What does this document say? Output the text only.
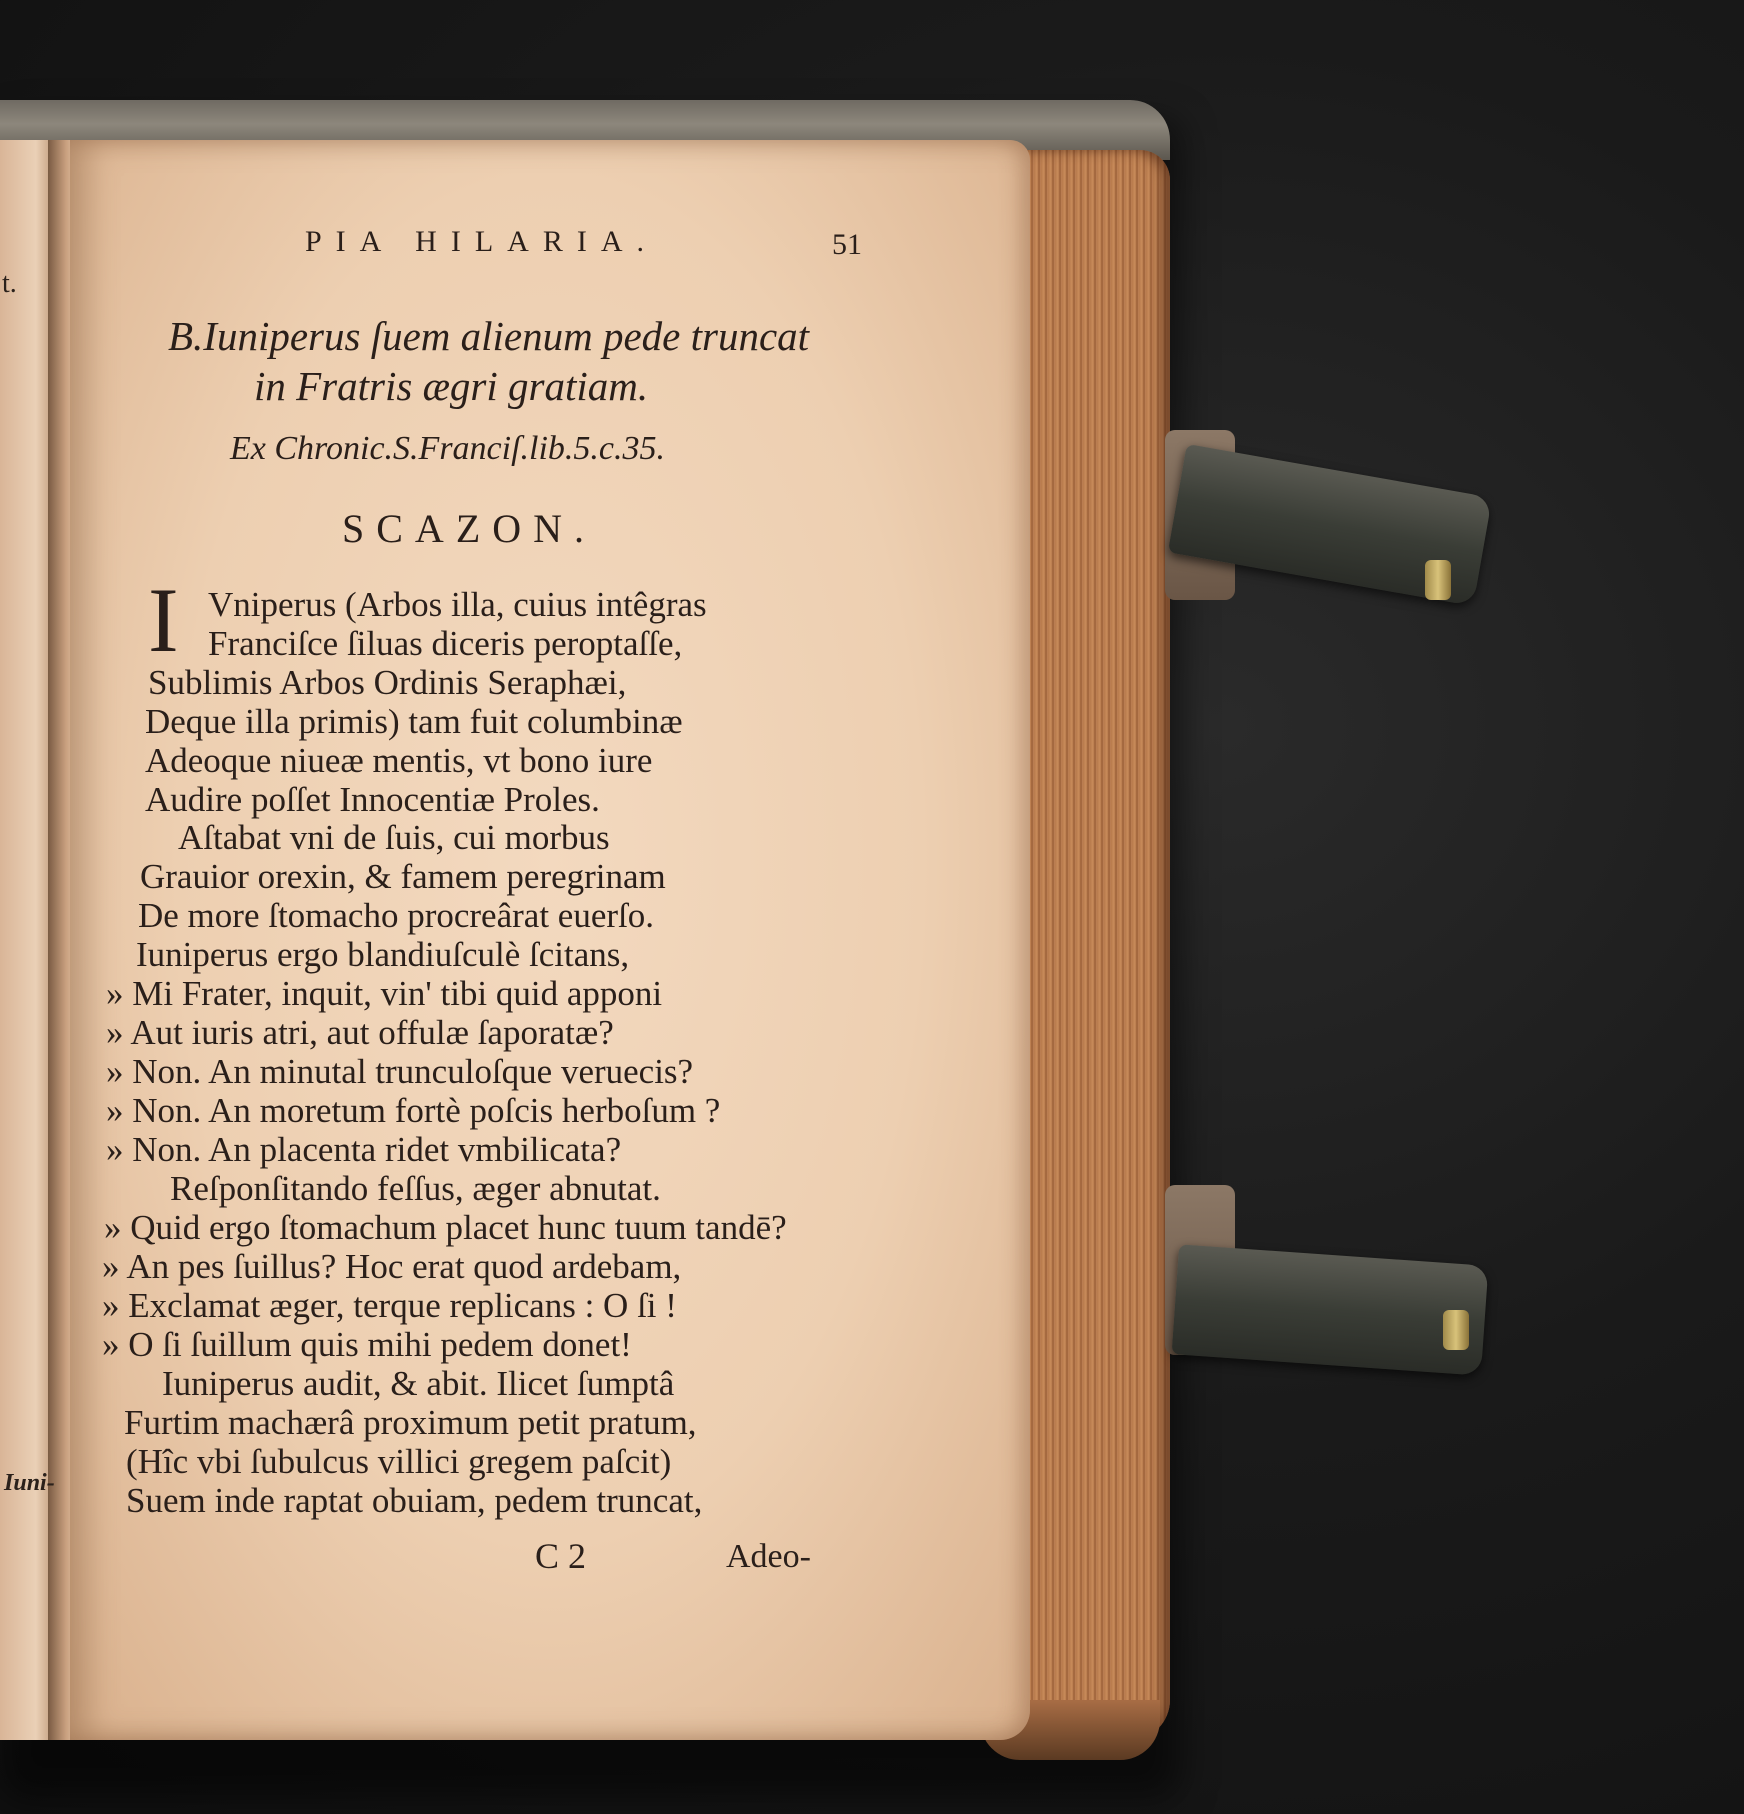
t.
Iuni-
PIA HILARIA.	51
B.Iuniperus ſuem alienum pede truncat
in Fratris ægri gratiam.
Ex Chronic.S.Franciſ.lib.5.c.35.
SCAZON.
I Vniperus (Arbos illa, cuius intêgras
Franciſce ſiluas diceris peroptaſſe,
Sublimis Arbos Ordinis Seraphæi,
Deque illa primis) tam fuit columbinæ
Adeoque niueæ mentis, vt bono iure
Audire poſſet Innocentiæ Proles.
Aſtabat vni de ſuis, cui morbus
Grauior orexin, & famem peregrinam
De more ſtomacho procreârat euerſo.
Iuniperus ergo blandiuſculè ſcitans,
» Mi Frater, inquit, vin' tibi quid apponi
» Aut iuris atri, aut offulæ ſaporatæ?
» Non. An minutal trunculoſque veruecis?
» Non. An moretum fortè poſcis herboſum ?
» Non. An placenta ridet vmbilicata?
Reſponſitando feſſus, æger abnutat.
» Quid ergo ſtomachum placet hunc tuum tandē?
» An pes ſuillus? Hoc erat quod ardebam,
» Exclamat æger, terque replicans : O ſi !
» O ſi ſuillum quis mihi pedem donet!
Iuniperus audit, & abit. Ilicet ſumptâ
Furtim machærâ proximum petit pratum,
(Hîc vbi ſubulcus villici gregem paſcit)
Suem inde raptat obuiam, pedem truncat,
C 2	Adeo-
